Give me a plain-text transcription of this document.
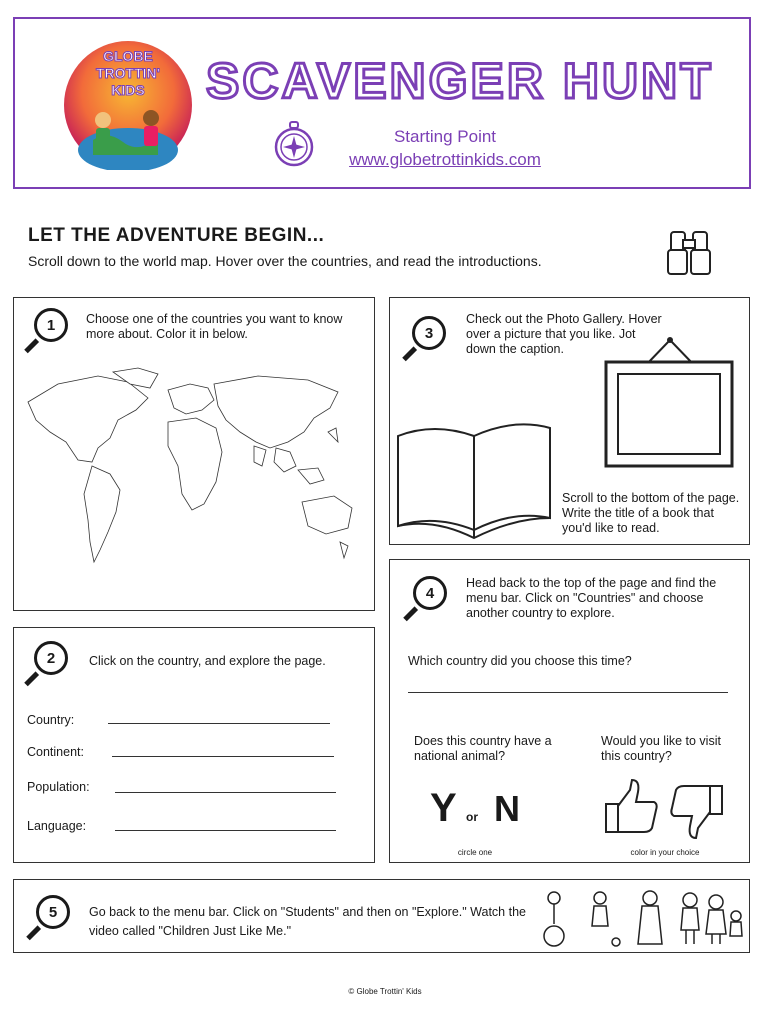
GLOBE TROTTIN' KIDS	SCAVENGER HUNT
Starting Point
www.globetrottinkids.com
LET THE ADVENTURE BEGIN...
Scroll down to the world map. Hover over the countries, and read the introductions.
1	Choose one of the countries you want to know more about. Color it in below.
2	Click on the country, and explore the page.
Country:
Continent:
Population:
Language:
3
Check out the Photo Gallery. Hover over a picture that you like. Jot down the caption.
Scroll to the bottom of the page. Write the title of a book that you'd like to read.
4
Head back to the top of the page and find the menu bar. Click on "Countries" and choose another country to explore.
Which country did you choose this time?
Does this country have a national animal?
Would you like to visit this country?
Y or N
circle one	color in your choice
5	Go back to the menu bar. Click on "Students" and then on "Explore." Watch the video called "Children Just Like Me."
© Globe Trottin' Kids
